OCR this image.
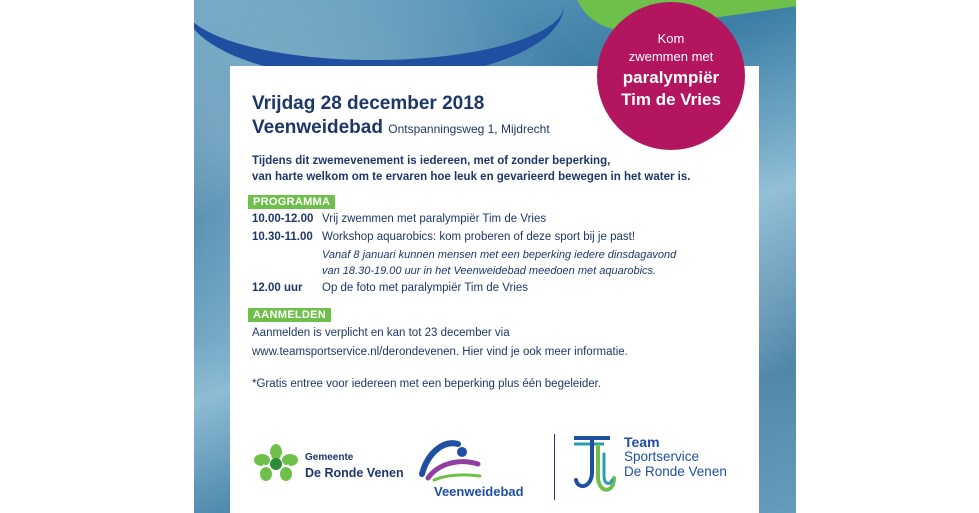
Vrijdag 28 december 2018
Veenweidebad Ontspanningsweg 1, Mijdrecht
Tijdens dit zwemevenement is iedereen, met of zonder beperking,
van harte welkom om te ervaren hoe leuk en gevarieerd bewegen in het water is.
PROGRAMMA
10.00-12.00 Vrij zwemmen met paralympiër Tim de Vries
10.30-11.00 Workshop aquarobics: kom proberen of deze sport bij je past!
Vanaf 8 januari kunnen mensen met een beperking iedere dinsdagavond
van 18.30-19.00 uur in het Veenweidebad meedoen met aquarobics.
12.00 uur Op de foto met paralympiër Tim de Vries
AANMELDEN
Aanmelden is verplicht en kan tot 23 december via
www.teamsportservice.nl/derondevenen. Hier vind je ook meer informatie.
*Gratis entree voor iedereen met een beperking plus één begeleider.
Gemeente
De Ronde Venen
Veenweidebad
Team
Sportservice
De Ronde Venen
Kom
zwemmen met
paralympiër
Tim de Vries
